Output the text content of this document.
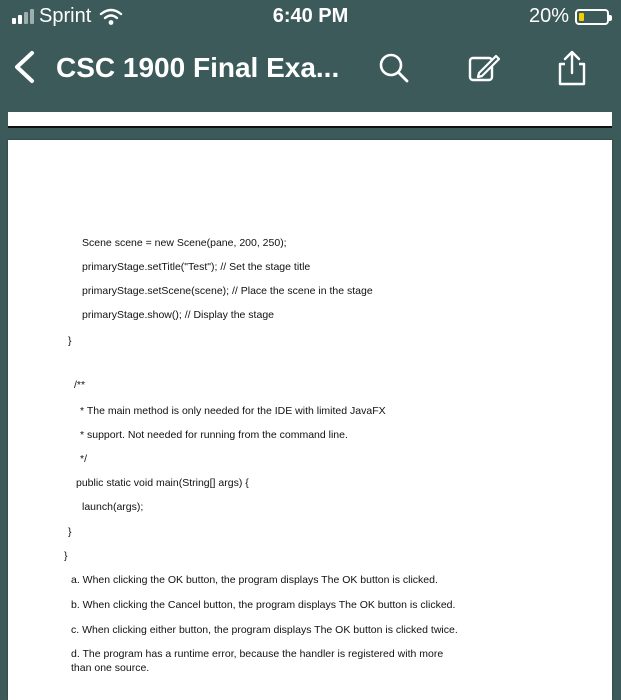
Sprint	6:40 PM	20%
CSC 1900 Final Exa...
Scene scene = new Scene(pane, 200, 250);
primaryStage.setTitle("Test"); // Set the stage title
primaryStage.setScene(scene); // Place the scene in the stage
primaryStage.show(); // Display the stage
}
/**
* The main method is only needed for the IDE with limited JavaFX
* support. Not needed for running from the command line.
*/
public static void main(String[] args) {
launch(args);
}
}
a. When clicking the OK button, the program displays The OK button is clicked.
b. When clicking the Cancel button, the program displays The OK button is clicked.
c. When clicking either button, the program displays The OK button is clicked twice.
d. The program has a runtime error, because the handler is registered with more
than one source.
